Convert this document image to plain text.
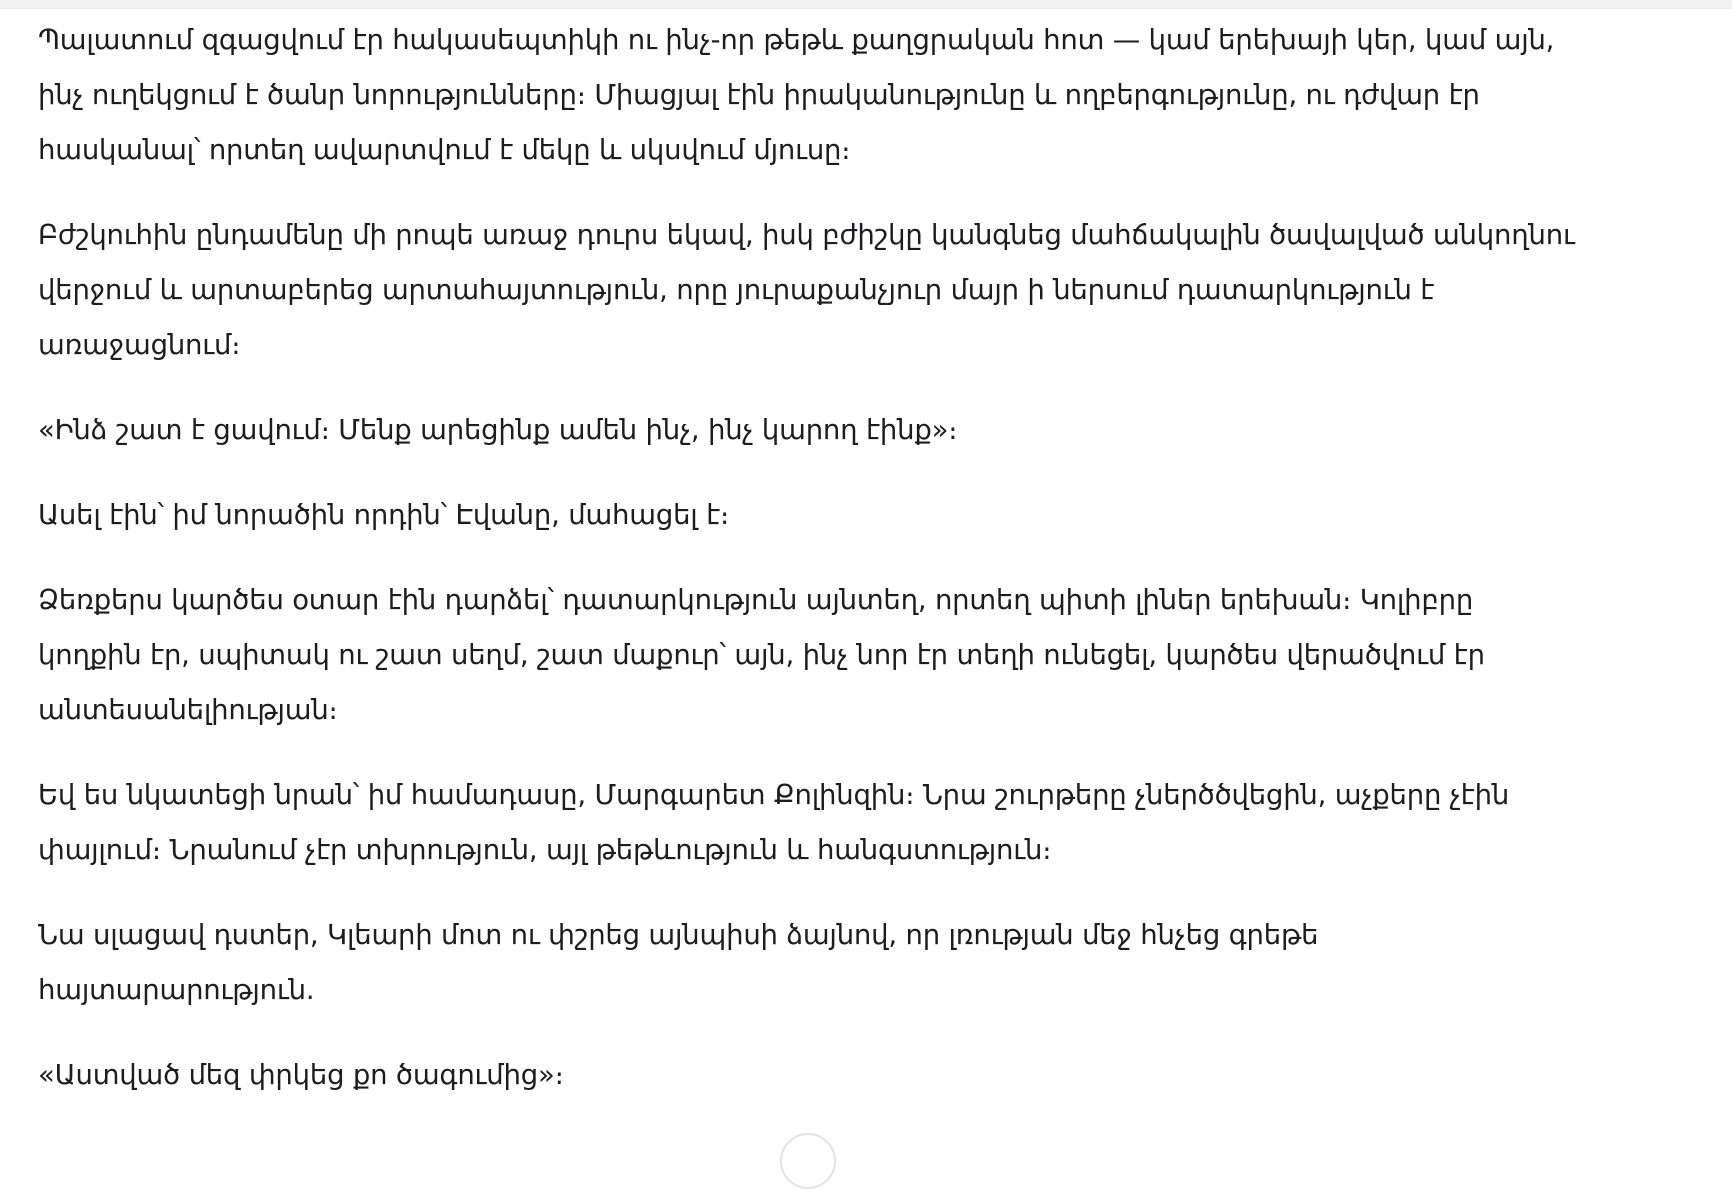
Պալատում զգացվում էր հակասեպտիկի ու ինչ-որ թեթև քաղցրական հոտ — կամ երեխայի կեր, կամ այն, ինչ ուղեկցում է ծանր նորությունները։ Միացյալ էին իրականությունը և ողբերգությունը, ու դժվար էր հասկանալ՝ որտեղ ավարտվում է մեկը և սկսվում մյուսը։

Բժշկուհին ընդամենը մի րոպե առաջ դուրս եկավ, իսկ բժիշկը կանգնեց մահճակալին ծավալված անկողնու վերջում և արտաբերեց արտահայտություն, որը յուրաքանչյուր մայր ի ներսում դատարկություն է առաջացնում։

«Ինձ շատ է ցավում։ Մենք արեցինք ամեն ինչ, ինչ կարող էինք»։

Ասել էին՝ իմ նորածին որդին՝ Էվանը, մահացել է։

Ձեռքերս կարծես օտար էին դարձել՝ դատարկություն այնտեղ, որտեղ պիտի լիներ երեխան։ Կոլիբրը կողքին էր, սպիտակ ու շատ սեղմ, շատ մաքուր՝ այն, ինչ նոր էր տեղի ունեցել, կարծես վերածվում էր անտեսանելիության։

Եվ ես նկատեցի նրան՝ իմ համադասը, Մարգարետ Քոլինզին։ Նրա շուրթերը չներծծվեցին, աչքերը չէին փայլում։ Նրանում չէր տխրություն, այլ թեթևություն և հանգստություն։

Նա սլացավ դստեր, Կլեարի մոտ ու փշրեց այնպիսի ձայնով, որ լռության մեջ հնչեց գրեթե հայտարարություն.

«Աստված մեզ փրկեց քո ծագումից»։
